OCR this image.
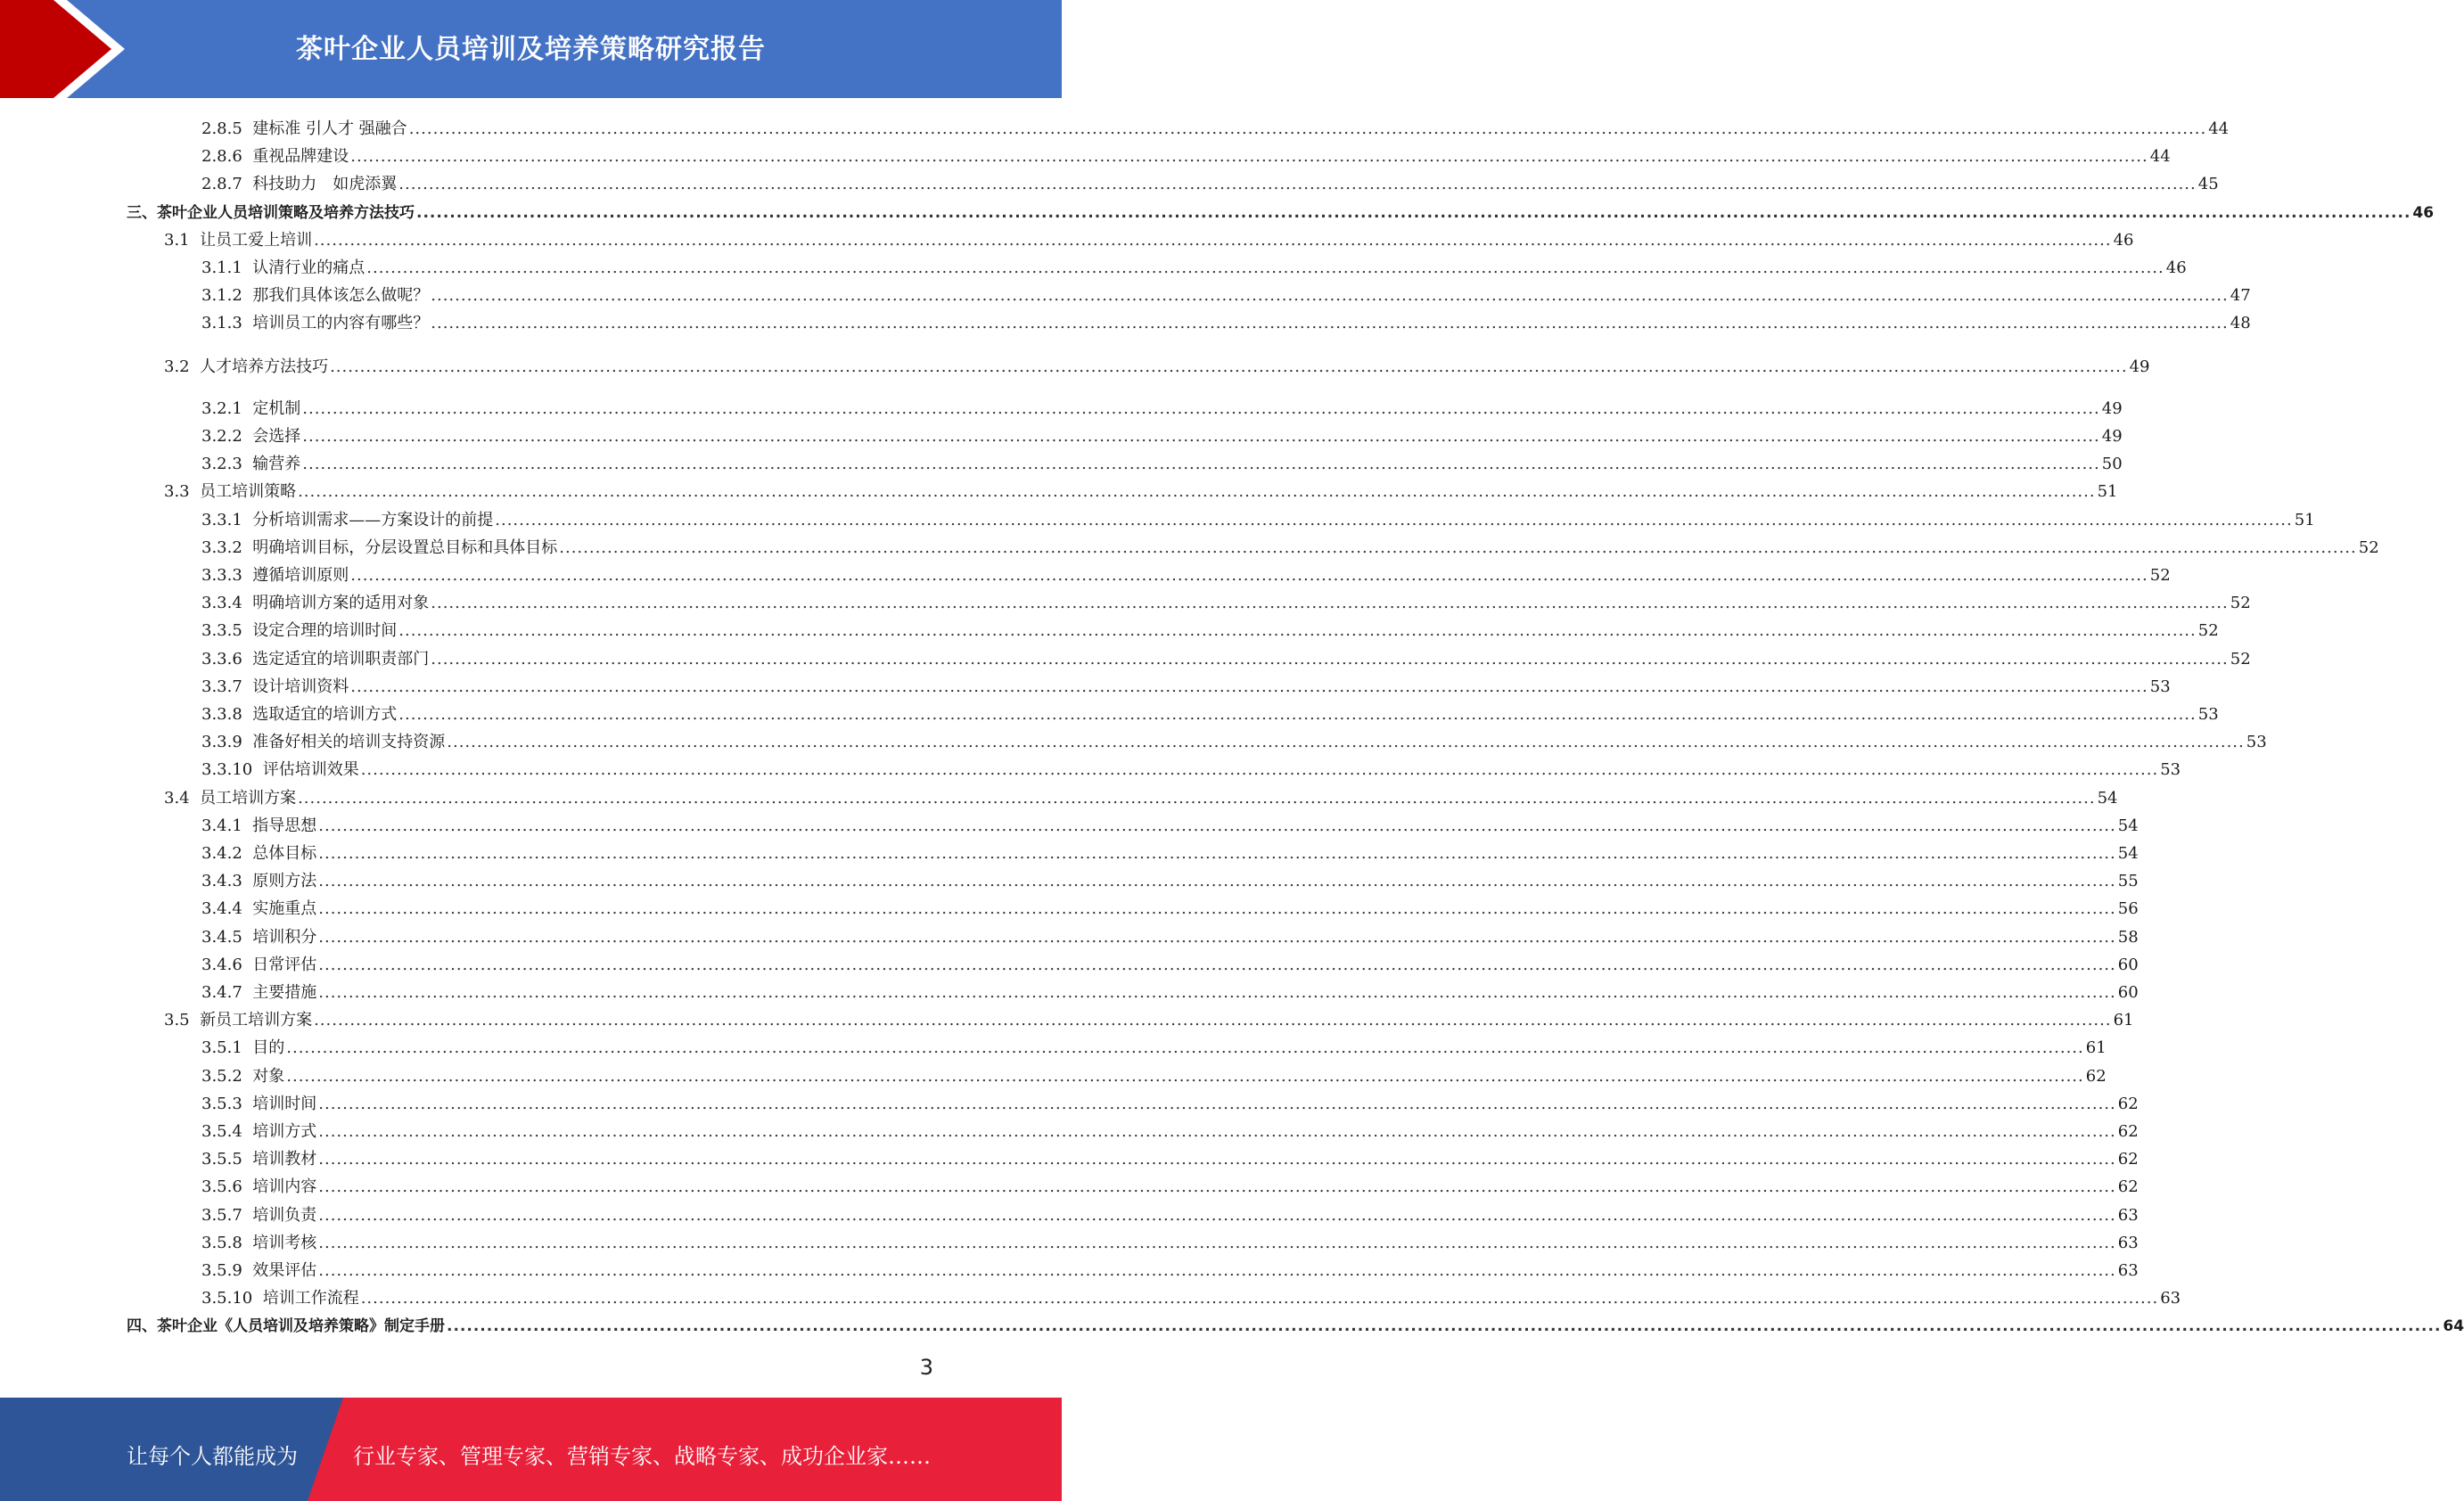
茶叶企业人员培训及培养策略研究报告
2.8.5  建标准 引人才 强融合 ............................................................................................................................................................................................................................................................................................................ 44
2.8.6  重视品牌建设 ............................................................................................................................................................................................................................................................................................................ 44
2.8.7  科技助力　如虎添翼 ............................................................................................................................................................................................................................................................................................................ 45
三、茶叶企业人员培训策略及培养方法技巧 ............................................................................................................................................................................................................................................................................................................ 46
3.1  让员工爱上培训 ............................................................................................................................................................................................................................................................................................................ 46
3.1.1  认清行业的痛点 ............................................................................................................................................................................................................................................................................................................ 46
3.1.2  那我们具体该怎么做呢？ ............................................................................................................................................................................................................................................................................................................ 47
3.1.3  培训员工的内容有哪些？ ............................................................................................................................................................................................................................................................................................................ 48
3.2  人才培养方法技巧 ............................................................................................................................................................................................................................................................................................................ 49
3.2.1  定机制 ............................................................................................................................................................................................................................................................................................................ 49
3.2.2  会选择 ............................................................................................................................................................................................................................................................................................................ 49
3.2.3  输营养 ............................................................................................................................................................................................................................................................................................................ 50
3.3  员工培训策略 ............................................................................................................................................................................................................................................................................................................ 51
3.3.1  分析培训需求——方案设计的前提 ............................................................................................................................................................................................................................................................................................................ 51
3.3.2  明确培训目标，分层设置总目标和具体目标 ............................................................................................................................................................................................................................................................................................................ 52
3.3.3  遵循培训原则 ............................................................................................................................................................................................................................................................................................................ 52
3.3.4  明确培训方案的适用对象 ............................................................................................................................................................................................................................................................................................................ 52
3.3.5  设定合理的培训时间 ............................................................................................................................................................................................................................................................................................................ 52
3.3.6  选定适宜的培训职责部门 ............................................................................................................................................................................................................................................................................................................ 52
3.3.7  设计培训资料 ............................................................................................................................................................................................................................................................................................................ 53
3.3.8  选取适宜的培训方式 ............................................................................................................................................................................................................................................................................................................ 53
3.3.9  准备好相关的培训支持资源 ............................................................................................................................................................................................................................................................................................................ 53
3.3.10  评估培训效果 ............................................................................................................................................................................................................................................................................................................ 53
3.4  员工培训方案 ............................................................................................................................................................................................................................................................................................................ 54
3.4.1  指导思想 ............................................................................................................................................................................................................................................................................................................ 54
3.4.2  总体目标 ............................................................................................................................................................................................................................................................................................................ 54
3.4.3  原则方法 ............................................................................................................................................................................................................................................................................................................ 55
3.4.4  实施重点 ............................................................................................................................................................................................................................................................................................................ 56
3.4.5  培训积分 ............................................................................................................................................................................................................................................................................................................ 58
3.4.6  日常评估 ............................................................................................................................................................................................................................................................................................................ 60
3.4.7  主要措施 ............................................................................................................................................................................................................................................................................................................ 60
3.5  新员工培训方案 ............................................................................................................................................................................................................................................................................................................ 61
3.5.1  目的 ............................................................................................................................................................................................................................................................................................................ 61
3.5.2  对象 ............................................................................................................................................................................................................................................................................................................ 62
3.5.3  培训时间 ............................................................................................................................................................................................................................................................................................................ 62
3.5.4  培训方式 ............................................................................................................................................................................................................................................................................................................ 62
3.5.5  培训教材 ............................................................................................................................................................................................................................................................................................................ 62
3.5.6  培训内容 ............................................................................................................................................................................................................................................................................................................ 62
3.5.7  培训负责 ............................................................................................................................................................................................................................................................................................................ 63
3.5.8  培训考核 ............................................................................................................................................................................................................................................................................................................ 63
3.5.9  效果评估 ............................................................................................................................................................................................................................................................................................................ 63
3.5.10  培训工作流程 ............................................................................................................................................................................................................................................................................................................ 63
四、茶叶企业《人员培训及培养策略》制定手册 ............................................................................................................................................................................................................................................................................................................ 64
3
让每个人都能成为	行业专家、管理专家、营销专家、战略专家、成功企业家……
